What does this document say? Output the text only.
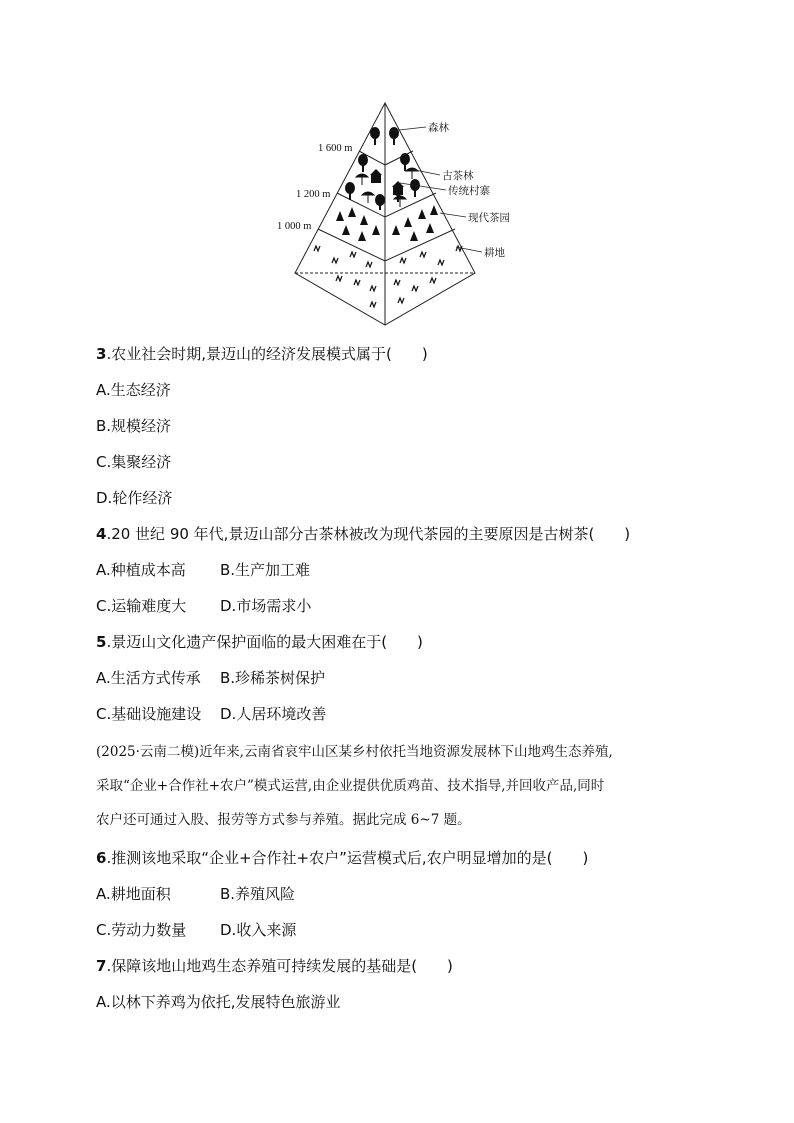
1 600 m
1 200 m
1 000 m
森林
古茶林
传统村寨
现代茶园
耕地
3.农业社会时期,景迈山的经济发展模式属于(　　)
A.生态经济
B.规模经济
C.集聚经济
D.轮作经济
4.20 世纪 90 年代,景迈山部分古茶林被改为现代茶园的主要原因是古树茶(　　)
A.种植成本高 B.生产加工难
C.运输难度大 D.市场需求小
5.景迈山文化遗产保护面临的最大困难在于(　　)
A.生活方式传承 B.珍稀茶树保护
C.基础设施建设 D.人居环境改善
(2025·云南二模)近年来,云南省哀牢山区某乡村依托当地资源发展林下山地鸡生态养殖,
采取“企业+合作社+农户”模式运营,由企业提供优质鸡苗、技术指导,并回收产品,同时
农户还可通过入股、报劳等方式参与养殖。据此完成 6~7 题。
6.推测该地采取“企业+合作社+农户”运营模式后,农户明显增加的是(　　)
A.耕地面积	B.养殖风险
C.劳动力数量 D.收入来源
7.保障该地山地鸡生态养殖可持续发展的基础是(　　)
A.以林下养鸡为依托,发展特色旅游业
